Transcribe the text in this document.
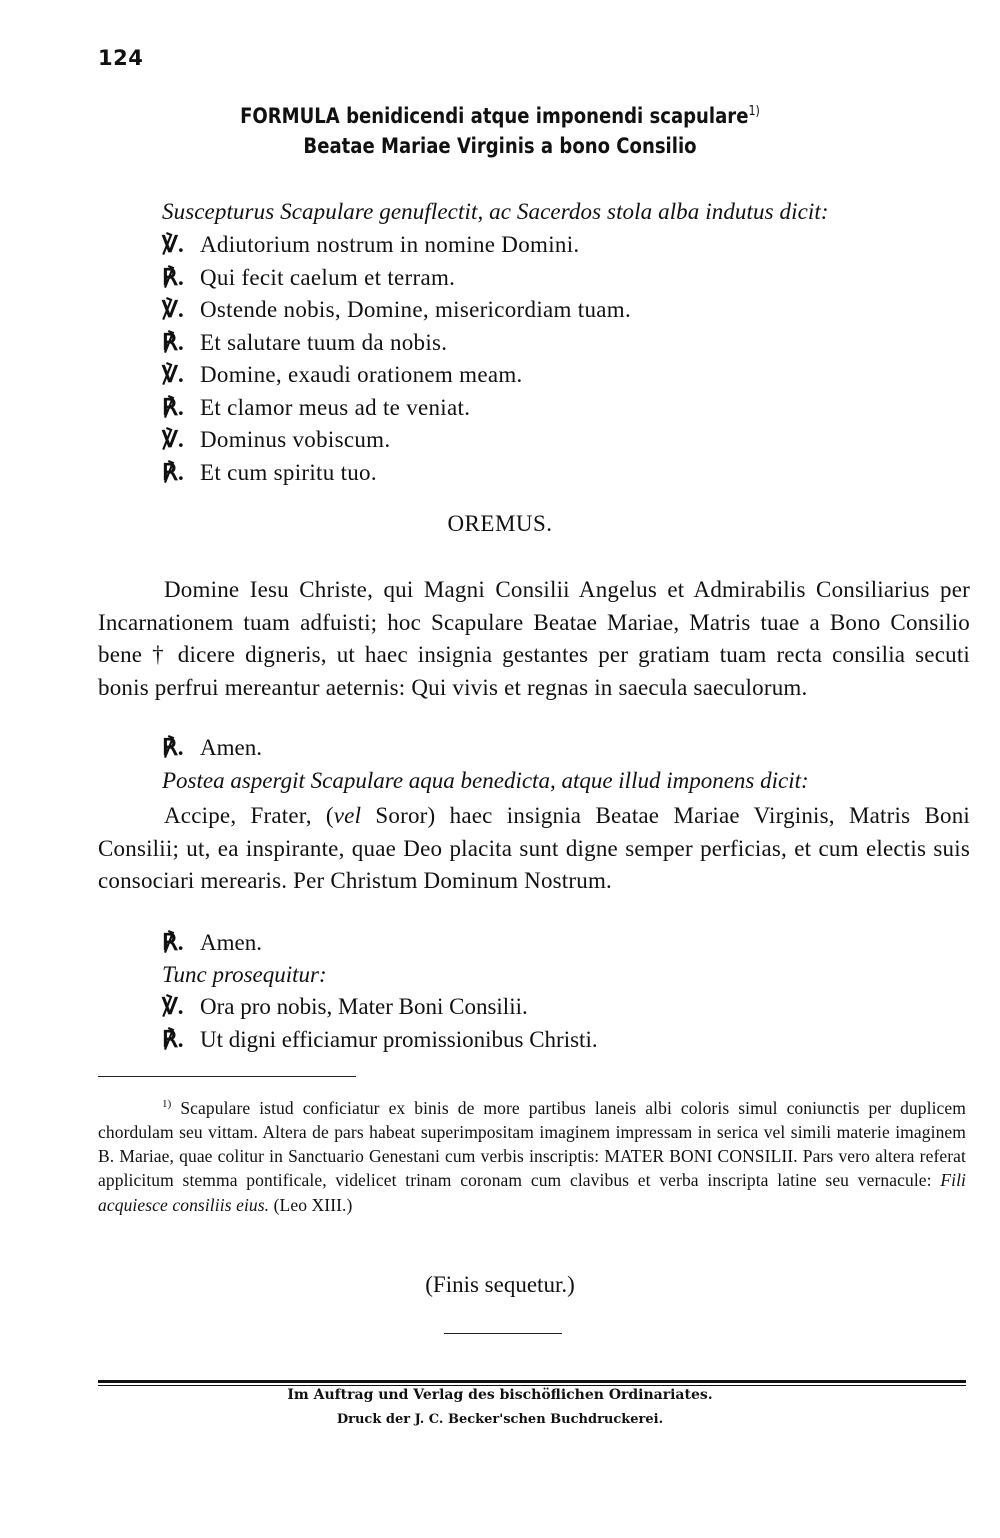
124
FORMULA benidicendi atque imponendi scapulare$^{1)}$
Beatae Mariae Virginis a bono Consilio
Suscepturus Scapulare genuflectit, ac Sacerdos stola alba indutus dicit:
℣. Adiutorium nostrum in nomine Domini.
℟. Qui fecit caelum et terram.
℣. Ostende nobis, Domine, misericordiam tuam.
℟. Et salutare tuum da nobis.
℣. Domine, exaudi orationem meam.
℟. Et clamor meus ad te veniat.
℣. Dominus vobiscum.
℟. Et cum spiritu tuo.
OREMUS.
Domine Iesu Christe, qui Magni Consilii Angelus et Admirabilis Consiliarius per Incarnationem tuam adfuisti; hoc Scapulare Beatae Mariae, Matris tuae a Bono Consilio bene † dicere digneris, ut haec insignia gestantes per gratiam tuam recta consilia secuti bonis perfrui mereantur aeternis: Qui vivis et regnas in saecula saeculorum.
℟. Amen.
Postea aspergit Scapulare aqua benedicta, atque illud imponens dicit:
Accipe, Frater, (vel Soror) haec insignia Beatae Mariae Virginis, Matris Boni Consilii; ut, ea inspirante, quae Deo placita sunt digne semper perficias, et cum electis suis consociari merearis. Per Christum Dominum Nostrum.
℟. Amen.
Tunc prosequitur:
℣. Ora pro nobis, Mater Boni Consilii.
℟. Ut digni efficiamur promissionibus Christi.
$^{1)}$ Scapulare istud conficiatur ex binis de more partibus laneis albi coloris simul coniunctis per duplicem chordulam seu vittam. Altera de pars habeat superimpositam imaginem impressam in serica vel simili materie imaginem B. Mariae, quae colitur in Sanctuario Genestani cum verbis inscriptis: MATER BONI CONSILII. Pars vero altera referat applicitum stemma pontificale, videlicet trinam coronam cum clavibus et verba inscripta latine seu vernacule: Fili acquiesce consiliis eius. (Leo XIII.)
(Finis sequetur.)
Im Auftrag und Verlag des bischöflichen Ordinariates.
Druck der J. C. Becker'schen Buchdruckerei.
